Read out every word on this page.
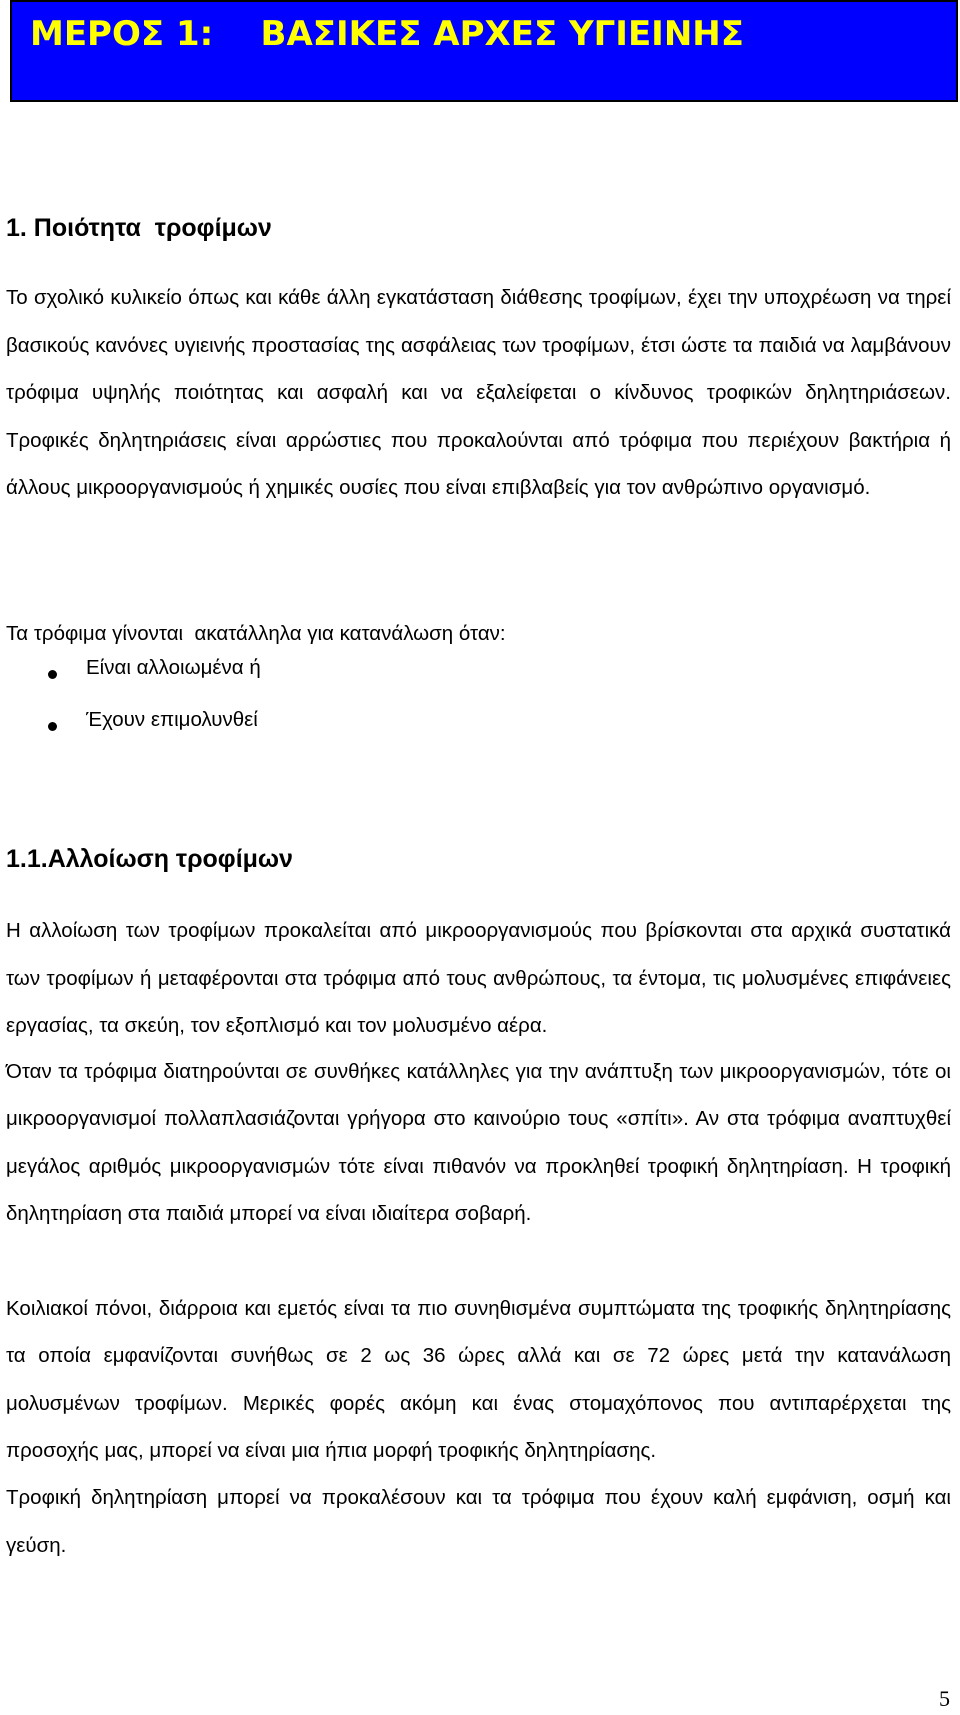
ΜΕΡΟΣ 1:    ΒΑΣΙΚΕΣ ΑΡΧΕΣ ΥΓΙΕΙΝΗΣ
1. Ποιότητα  τροφίμων
Το σχολικό κυλικείο όπως και κάθε άλλη εγκατάσταση διάθεσης τροφίμων, έχει την υποχρέωση να τηρεί βασικούς κανόνες υγιεινής προστασίας της ασφάλειας των τροφίμων, έτσι ώστε τα παιδιά να λαμβάνουν τρόφιμα υψηλής ποιότητας και ασφαλή και να εξαλείφεται ο κίνδυνος τροφικών δηλητηριάσεων. Τροφικές δηλητηριάσεις είναι αρρώστιες που προκαλούνται από τρόφιμα που περιέχουν βακτήρια ή άλλους μικροοργανισμούς ή χημικές ουσίες που είναι επιβλαβείς για τον ανθρώπινο οργανισμό.
Τα τρόφιμα γίνονται  ακατάλληλα για κατανάλωση όταν:
Είναι αλλοιωμένα ή
Έχουν επιμολυνθεί
1.1.Αλλοίωση τροφίμων
Η αλλοίωση των τροφίμων προκαλείται από μικροοργανισμούς που βρίσκονται στα αρχικά συστατικά των τροφίμων ή μεταφέρονται στα τρόφιμα από τους ανθρώπους, τα έντομα, τις μολυσμένες επιφάνειες εργασίας, τα σκεύη, τον εξοπλισμό και τον μολυσμένο αέρα.
Όταν τα τρόφιμα διατηρούνται σε συνθήκες κατάλληλες για την ανάπτυξη των μικροοργανισμών, τότε οι μικροοργανισμοί πολλαπλασιάζονται γρήγορα στο καινούριο τους «σπίτι». Αν στα τρόφιμα αναπτυχθεί μεγάλος αριθμός μικροοργανισμών τότε είναι πιθανόν να προκληθεί τροφική δηλητηρίαση. Η τροφική δηλητηρίαση στα παιδιά μπορεί να είναι ιδιαίτερα σοβαρή.
Κοιλιακοί πόνοι, διάρροια και εμετός είναι τα πιο συνηθισμένα συμπτώματα της τροφικής δηλητηρίασης τα οποία εμφανίζονται συνήθως σε 2 ως 36 ώρες αλλά και σε 72 ώρες μετά την κατανάλωση μολυσμένων τροφίμων. Μερικές φορές ακόμη και ένας στομαχόπονος που αντιπαρέρχεται της προσοχής μας, μπορεί να είναι μια ήπια μορφή τροφικής δηλητηρίασης.
Τροφική δηλητηρίαση μπορεί να προκαλέσουν και τα τρόφιμα που έχουν καλή εμφάνιση, οσμή και γεύση.
5
